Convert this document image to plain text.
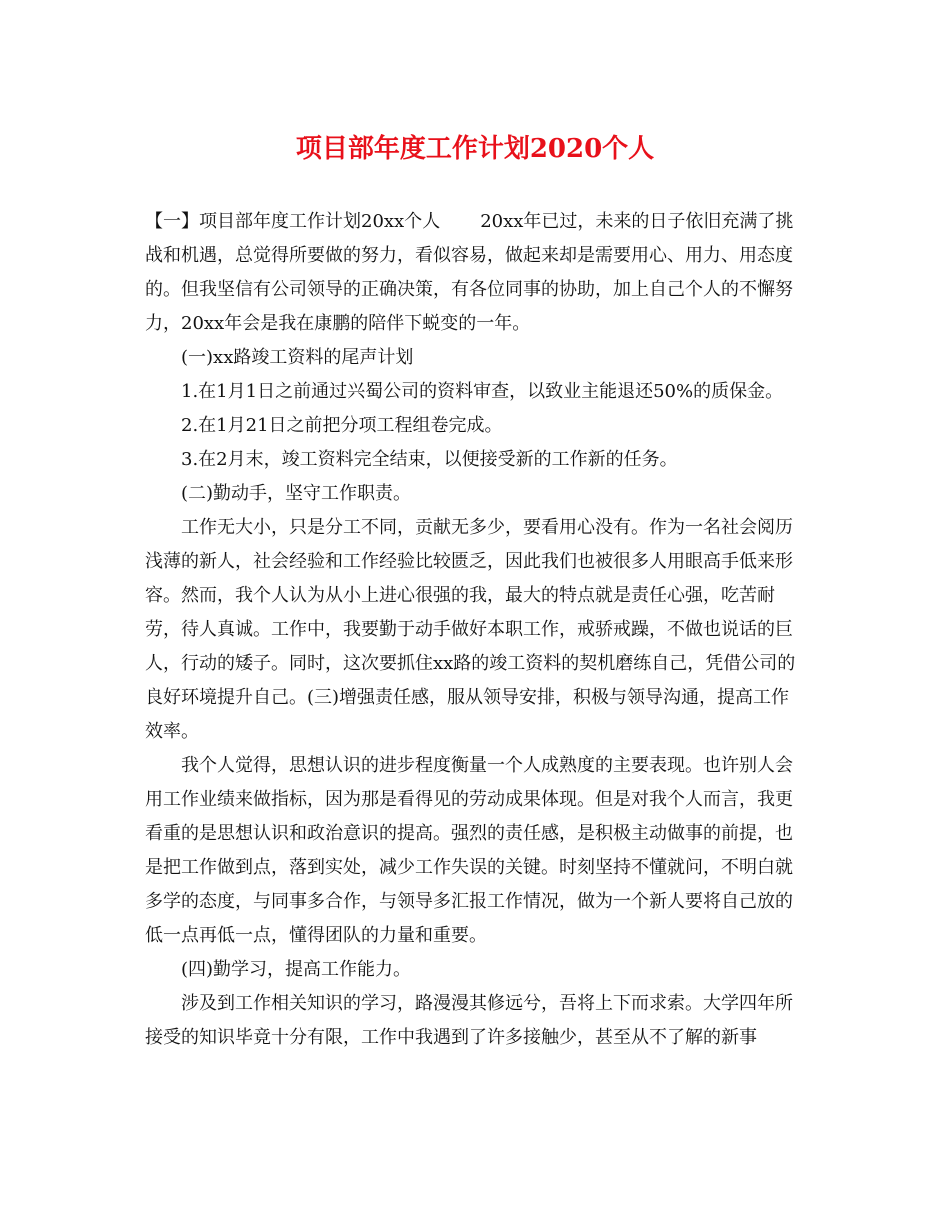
项目部年度工作计划2020个人

【一】项目部年度工作计划20xx个人 20xx年已过，未来的日子依旧充满了挑战和机遇，总觉得所要做的努力，看似容易，做起来却是需要用心、用力、用态度的。但我坚信有公司领导的正确决策，有各位同事的协助，加上自己个人的不懈努力，20xx年会是我在康鹏的陪伴下蜕变的一年。

(一)xx路竣工资料的尾声计划

1.在1月1日之前通过兴蜀公司的资料审查，以致业主能退还50%的质保金。

2.在1月21日之前把分项工程组卷完成。

3.在2月末，竣工资料完全结束，以便接受新的工作新的任务。

(二)勤动手，坚守工作职责。

工作无大小，只是分工不同，贡献无多少，要看用心没有。作为一名社会阅历浅薄的新人，社会经验和工作经验比较匮乏，因此我们也被很多人用眼高手低来形容。然而，我个人认为从小上进心很强的我，最大的特点就是责任心强，吃苦耐劳，待人真诚。工作中，我要勤于动手做好本职工作，戒骄戒躁，不做也说话的巨人，行动的矮子。同时，这次要抓住xx路的竣工资料的契机磨练自己，凭借公司的良好环境提升自己。(三)增强责任感，服从领导安排，积极与领导沟通，提高工作效率。

我个人觉得，思想认识的进步程度衡量一个人成熟度的主要表现。也许别人会用工作业绩来做指标，因为那是看得见的劳动成果体现。但是对我个人而言，我更看重的是思想认识和政治意识的提高。强烈的责任感，是积极主动做事的前提，也是把工作做到点，落到实处，减少工作失误的关键。时刻坚持不懂就问，不明白就多学的态度，与同事多合作，与领导多汇报工作情况，做为一个新人要将自己放的低一点再低一点，懂得团队的力量和重要。

(四)勤学习，提高工作能力。

涉及到工作相关知识的学习，路漫漫其修远兮，吾将上下而求索。大学四年所接受的知识毕竟十分有限，工作中我遇到了许多接触少，甚至从不了解的新事
